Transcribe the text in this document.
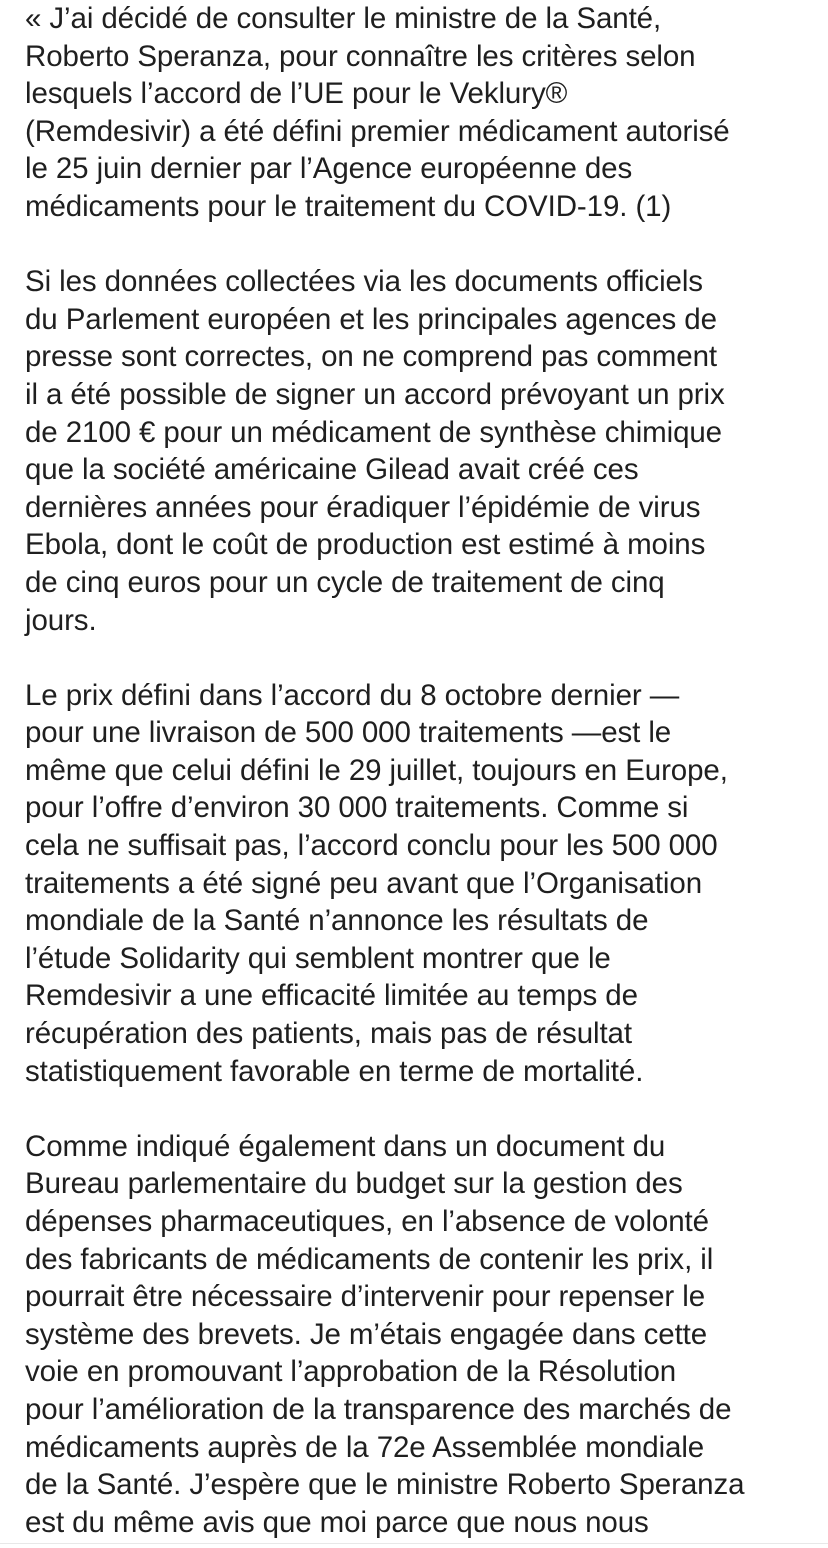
« J’ai décidé de consulter le ministre de la Santé,
Roberto Speranza, pour connaître les critères selon
lesquels l’accord de l’UE pour le Veklury®
(Remdesivir) a été défini premier médicament autorisé
le 25 juin dernier par l’Agence européenne des
médicaments pour le traitement du COVID-19. (1)

Si les données collectées via les documents officiels
du Parlement européen et les principales agences de
presse sont correctes, on ne comprend pas comment
il a été possible de signer un accord prévoyant un prix
de 2100 € pour un médicament de synthèse chimique
que la société américaine Gilead avait créé ces
dernières années pour éradiquer l’épidémie de virus
Ebola, dont le coût de production est estimé à moins
de cinq euros pour un cycle de traitement de cinq
jours.

Le prix défini dans l’accord du 8 octobre dernier —
pour une livraison de 500 000 traitements —est le
même que celui défini le 29 juillet, toujours en Europe,
pour l’offre d’environ 30 000 traitements. Comme si
cela ne suffisait pas, l’accord conclu pour les 500 000
traitements a été signé peu avant que l’Organisation
mondiale de la Santé n’annonce les résultats de
l’étude Solidarity qui semblent montrer que le
Remdesivir a une efficacité limitée au temps de
récupération des patients, mais pas de résultat
statistiquement favorable en terme de mortalité.

Comme indiqué également dans un document du
Bureau parlementaire du budget sur la gestion des
dépenses pharmaceutiques, en l’absence de volonté
des fabricants de médicaments de contenir les prix, il
pourrait être nécessaire d’intervenir pour repenser le
système des brevets. Je m’étais engagée dans cette
voie en promouvant l’approbation de la Résolution
pour l’amélioration de la transparence des marchés de
médicaments auprès de la 72e Assemblée mondiale
de la Santé. J’espère que le ministre Roberto Speranza
est du même avis que moi parce que nous nous
